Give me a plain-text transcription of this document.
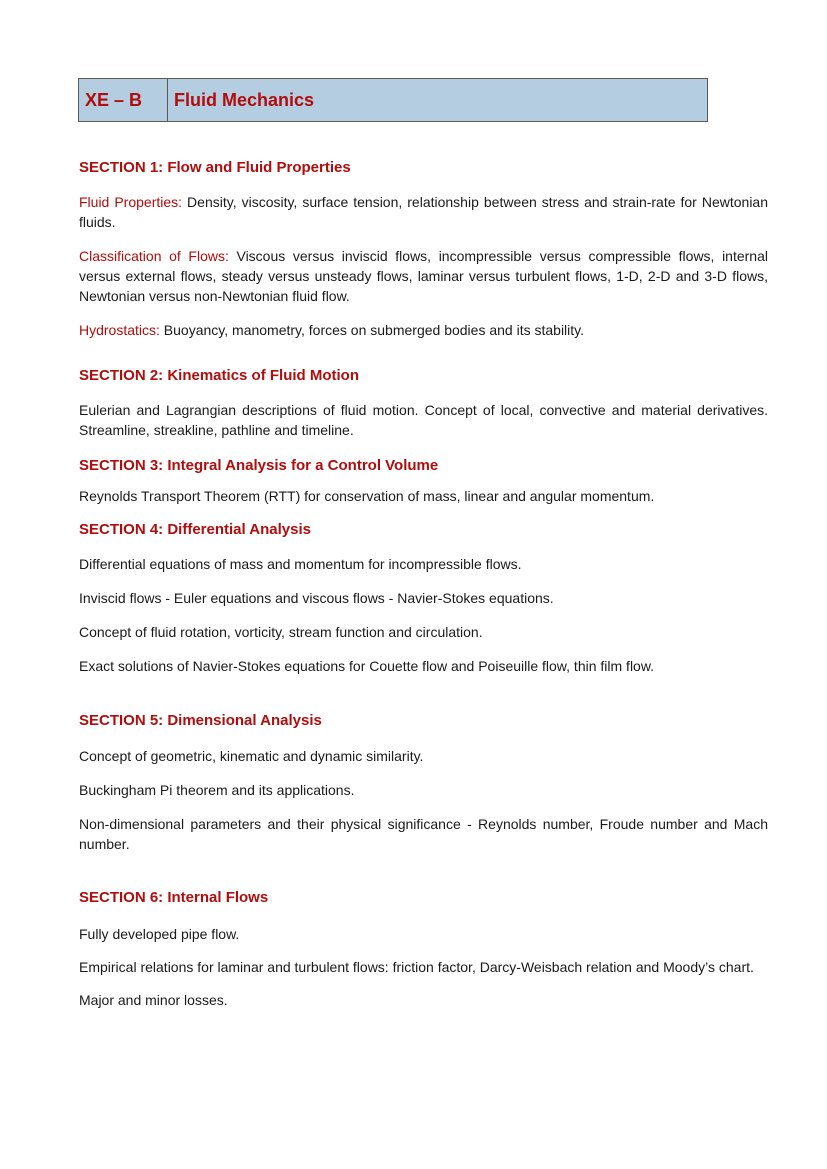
XE – B	Fluid Mechanics
SECTION 1: Flow and Fluid Properties

Fluid Properties: Density, viscosity, surface tension, relationship between stress and strain-rate for Newtonian fluids.

Classification of Flows: Viscous versus inviscid flows, incompressible versus compressible flows, internal versus external flows, steady versus unsteady flows, laminar versus turbulent flows, 1-D, 2-D and 3-D flows, Newtonian versus non-Newtonian fluid flow.

Hydrostatics: Buoyancy, manometry, forces on submerged bodies and its stability.

SECTION 2: Kinematics of Fluid Motion

Eulerian and Lagrangian descriptions of fluid motion. Concept of local, convective and material derivatives. Streamline, streakline, pathline and timeline.

SECTION 3: Integral Analysis for a Control Volume

Reynolds Transport Theorem (RTT) for conservation of mass, linear and angular momentum.

SECTION 4: Differential Analysis

Differential equations of mass and momentum for incompressible flows.

Inviscid flows - Euler equations and viscous flows - Navier-Stokes equations.

Concept of fluid rotation, vorticity, stream function and circulation.

Exact solutions of Navier-Stokes equations for Couette flow and Poiseuille flow, thin film flow.

SECTION 5: Dimensional Analysis

Concept of geometric, kinematic and dynamic similarity.

Buckingham Pi theorem and its applications.

Non-dimensional parameters and their physical significance - Reynolds number, Froude number and Mach number.

SECTION 6: Internal Flows

Fully developed pipe flow.

Empirical relations for laminar and turbulent flows: friction factor, Darcy-Weisbach relation and Moody’s chart.

Major and minor losses.
